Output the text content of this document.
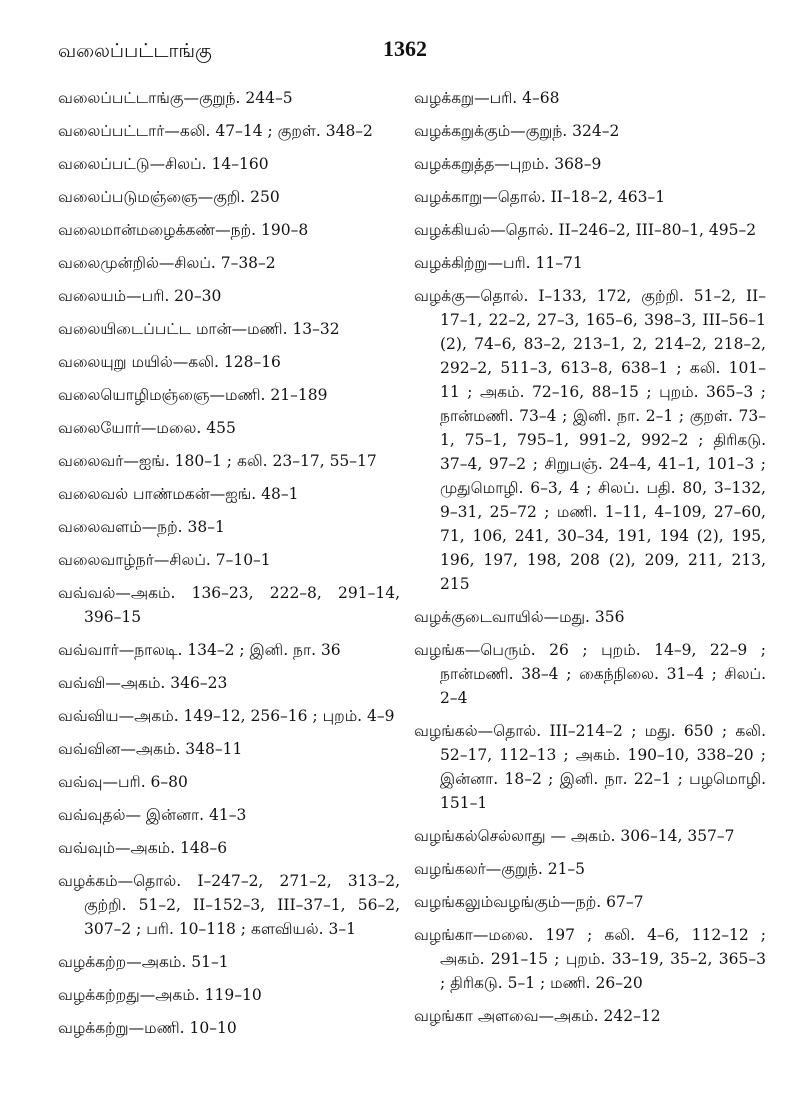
வலைப்பட்டாங்கு	1362
வலைப்பட்டாங்கு—குறுந். 244–5
வலைப்பட்டார்—கலி. 47–14 ; குறள். 348–2
வலைப்பட்டு—சிலப். 14–160
வலைப்படுமஞ்ஞை—குறி. 250
வலைமான்மழைக்கண்—நற். 190–8
வலைமுன்றில்—சிலப். 7–38–2
வலையம்—பரி. 20–30
வலையிடைப்பட்ட மான்—மணி. 13–32
வலையுறு மயில்—கலி. 128–16
வலையொழிமஞ்ஞை—மணி. 21–189
வலையோர்—மலை. 455
வலைவர்—ஐங். 180–1 ; கலி. 23–17, 55–17
வலைவல் பாண்மகன்—ஐங். 48–1
வலைவளம்—நற். 38–1
வலைவாழ்நர்—சிலப். 7–10–1
வவ்வல்—அகம். 136–23, 222–8, 291–14, 396–15
வவ்வார்—நாலடி. 134–2 ; இனி. நா. 36
வவ்வி—அகம். 346–23
வவ்விய—அகம். 149–12, 256–16 ; புறம். 4–9
வவ்வின—அகம். 348–11
வவ்வு—பரி. 6–80
வவ்வுதல்— இன்னா. 41–3
வவ்வும்—அகம். 148–6
வழக்கம்—தொல். I–247–2, 271–2, 313–2, குற்றி. 51–2, II–152–3, III–37–1, 56–2, 307–2 ; பரி. 10–118 ; களவியல். 3–1
வழக்கற்ற—அகம். 51–1
வழக்கற்றது—அகம். 119–10
வழக்கற்று—மணி. 10–10
வழக்கறு—பரி. 4–68
வழக்கறுக்கும்—குறுந். 324–2
வழக்கறுத்த—புறம். 368–9
வழக்காறு—தொல். II–18–2, 463–1
வழக்கியல்—தொல். II–246–2, III–80–1, 495–2
வழக்கிற்று—பரி. 11–71
வழக்கு—தொல். I–133, 172, குற்றி. 51–2, II–17–1, 22–2, 27–3, 165–6, 398–3, III–56–1 (2), 74–6, 83–2, 213–1, 2, 214–2, 218–2, 292–2, 511–3, 613–8, 638–1 ; கலி. 101–11 ; அகம். 72–16, 88–15 ; புறம். 365–3 ; நான்மணி. 73–4 ; இனி. நா. 2–1 ; குறள். 73–1, 75–1, 795–1, 991–2, 992–2 ; திரிகடு. 37–4, 97–2 ; சிறுபஞ். 24–4, 41–1, 101–3 ; முதுமொழி. 6–3, 4 ; சிலப். பதி. 80, 3–132, 9–31, 25–72 ; மணி. 1–11, 4–109, 27–60, 71, 106, 241, 30–34, 191, 194 (2), 195, 196, 197, 198, 208 (2), 209, 211, 213, 215
வழக்குடைவாயில்—மது. 356
வழங்க—பெரும். 26 ; புறம். 14–9, 22–9 ; நான்மணி. 38–4 ; கைந்நிலை. 31–4 ; சிலப். 2–4
வழங்கல்—தொல். III–214–2 ; மது. 650 ; கலி. 52–17, 112–13 ; அகம். 190–10, 338–20 ; இன்னா. 18–2 ; இனி. நா. 22–1 ; பழமொழி. 151–1
வழங்கல்செல்லாது — அகம். 306–14, 357–7
வழங்கலர்—குறுந். 21–5
வழங்கலும்வழங்கும்—நற். 67–7
வழங்கா—மலை. 197 ; கலி. 4–6, 112–12 ; அகம். 291–15 ; புறம். 33–19, 35–2, 365–3 ; திரிகடு. 5–1 ; மணி. 26–20
வழங்கா அளவை—அகம். 242–12
